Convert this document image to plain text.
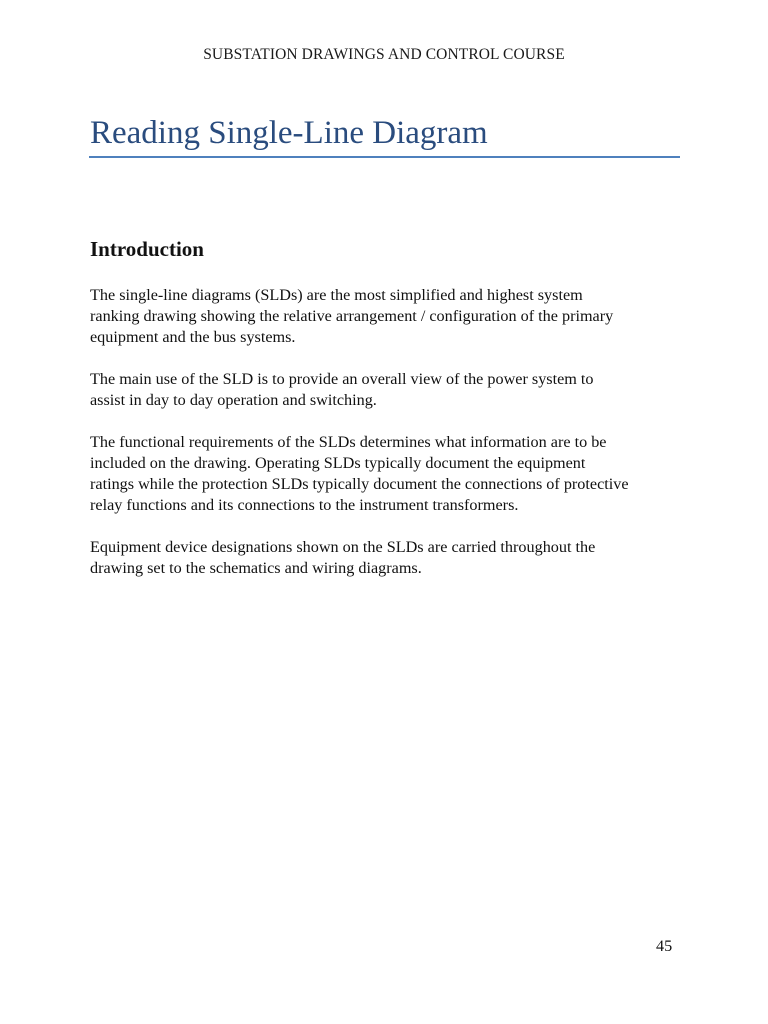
SUBSTATION DRAWINGS AND CONTROL COURSE
Reading Single-Line Diagram
Introduction

The single-line diagrams (SLDs) are the most simplified and highest system
ranking drawing showing the relative arrangement / configuration of the primary
equipment and the bus systems.

The main use of the SLD is to provide an overall view of the power system to
assist in day to day operation and switching.

The functional requirements of the SLDs determines what information are to be
included on the drawing. Operating SLDs typically document the equipment
ratings while the protection SLDs typically document the connections of protective
relay functions and its connections to the instrument transformers.

Equipment device designations shown on the SLDs are carried throughout the
drawing set to the schematics and wiring diagrams.

45
